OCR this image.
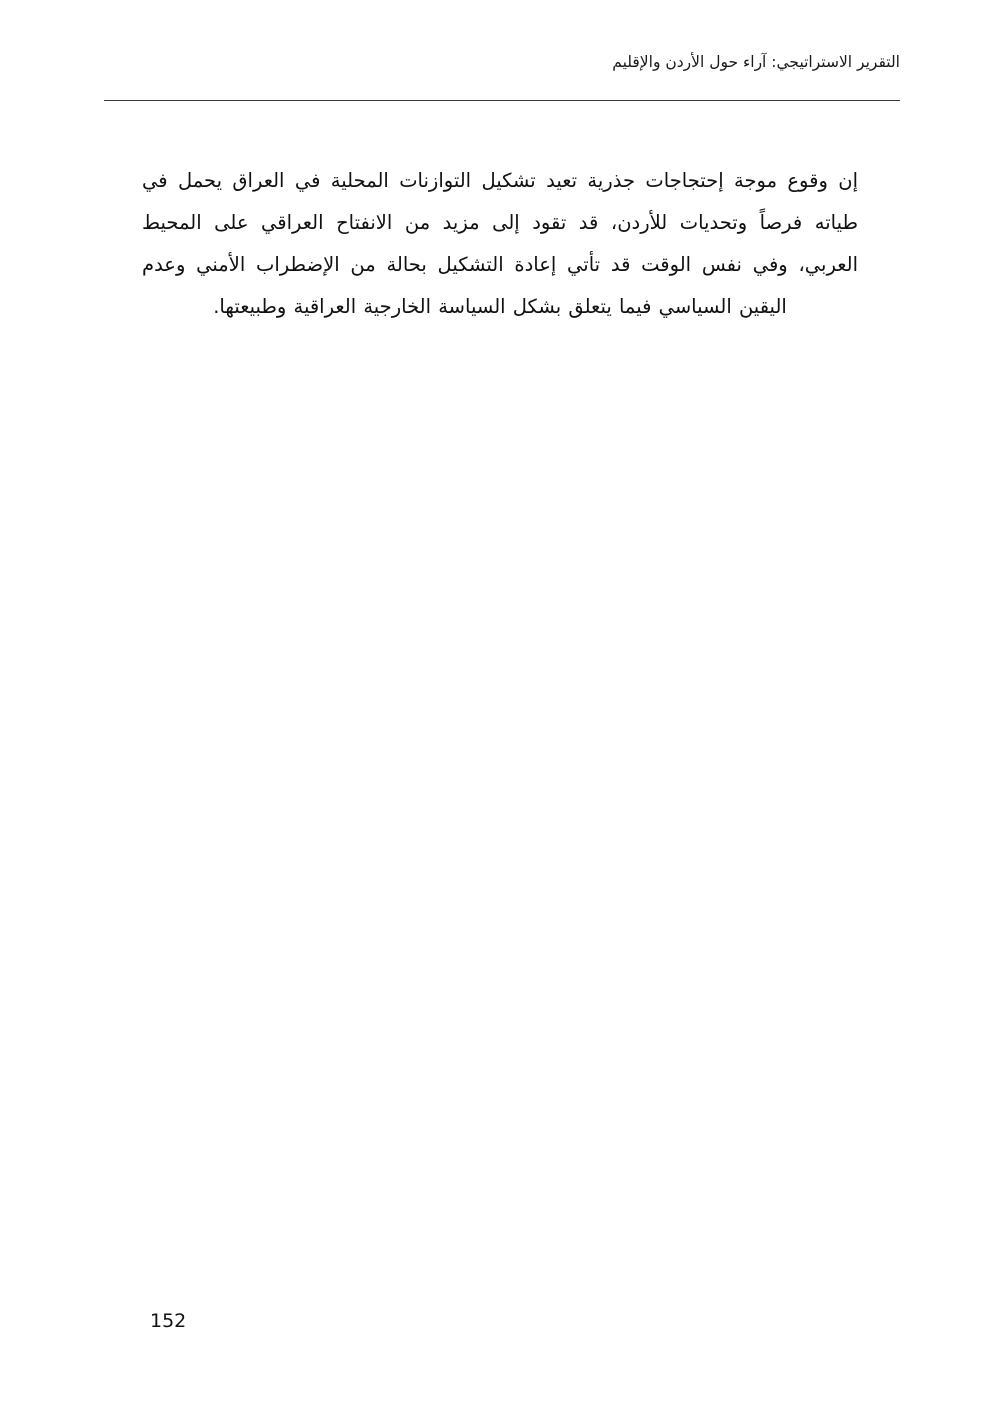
التقرير الاستراتيجي: آراء حول الأردن والإقليم

إن وقوع موجة إحتجاجات جذرية تعيد تشكيل التوازنات المحلية في العراق يحمل في طياته فرصاً وتحديات للأردن، قد تقود إلى مزيد من الانفتاح العراقي على المحيط العربي، وفي نفس الوقت قد تأتي إعادة التشكيل بحالة من الإضطراب الأمني وعدم اليقين السياسي فيما يتعلق بشكل السياسة الخارجية العراقية وطبيعتها.

152
